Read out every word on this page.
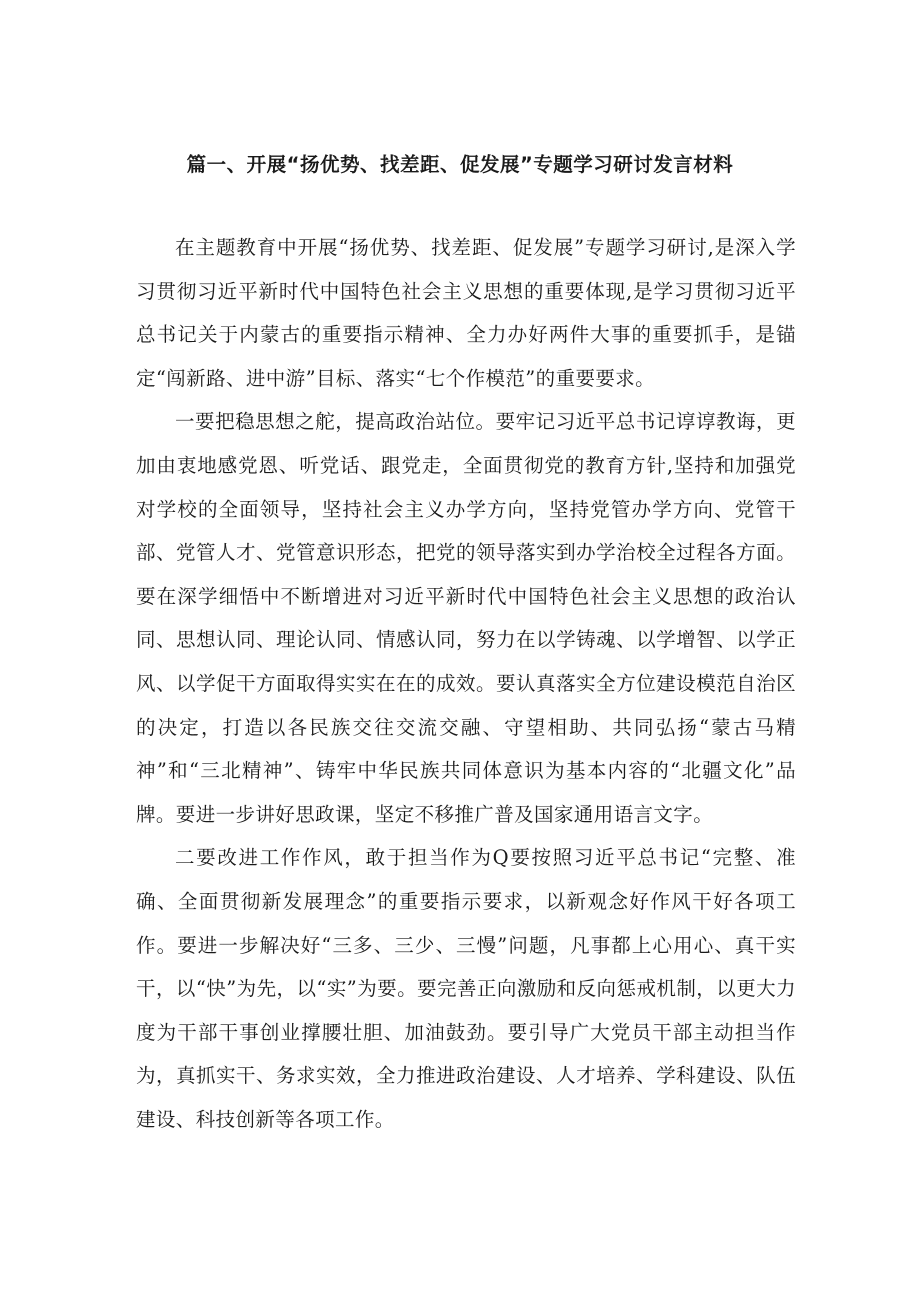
篇一、开展“扬优势、找差距、促发展”专题学习研讨发言材料

在主题教育中开展“扬优势、找差距、促发展”专题学习研讨,是深入学习贯彻习近平新时代中国特色社会主义思想的重要体现,是学习贯彻习近平总书记关于内蒙古的重要指示精神、全力办好两件大事的重要抓手，是锚定“闯新路、进中游”目标、落实“七个作模范”的重要要求。

一要把稳思想之舵，提高政治站位。要牢记习近平总书记谆谆教诲，更加由衷地感党恩、听党话、跟党走，全面贯彻党的教育方针,坚持和加强党对学校的全面领导，坚持社会主义办学方向，坚持党管办学方向、党管干部、党管人才、党管意识形态，把党的领导落实到办学治校全过程各方面。要在深学细悟中不断增进对习近平新时代中国特色社会主义思想的政治认同、思想认同、理论认同、情感认同，努力在以学铸魂、以学增智、以学正风、以学促干方面取得实实在在的成效。要认真落实全方位建设模范自治区的决定，打造以各民族交往交流交融、守望相助、共同弘扬“蒙古马精神”和“三北精神”、铸牢中华民族共同体意识为基本内容的“北疆文化”品牌。要进一步讲好思政课，坚定不移推广普及国家通用语言文字。

二要改进工作作风，敢于担当作为Q要按照习近平总书记“完整、准确、全面贯彻新发展理念”的重要指示要求，以新观念好作风干好各项工作。要进一步解决好“三多、三少、三慢”问题，凡事都上心用心、真干实干，以“快”为先，以“实”为要。要完善正向激励和反向惩戒机制，以更大力度为干部干事创业撑腰壮胆、加油鼓劲。要引导广大党员干部主动担当作为，真抓实干、务求实效，全力推进政治建设、人才培养、学科建设、队伍建设、科技创新等各项工作。
